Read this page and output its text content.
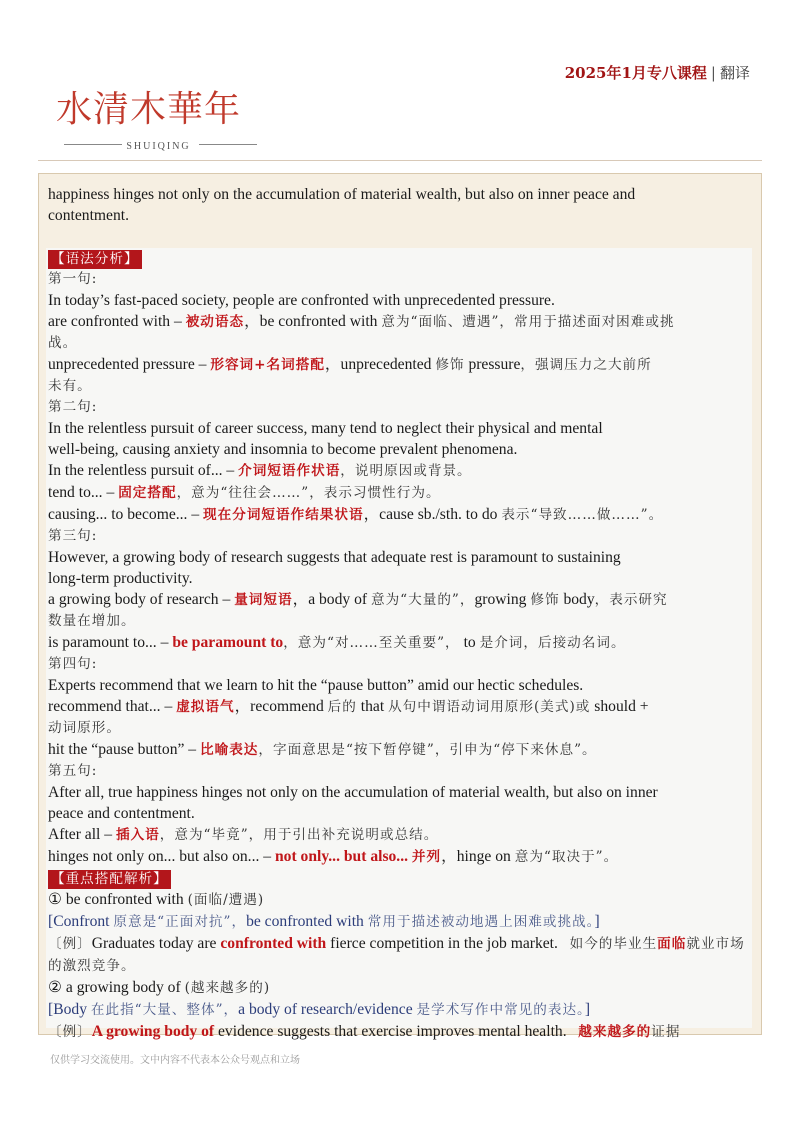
2025年1月专八课程 | 翻译
水清木華年
SHUIQING

happiness hinges not only on the accumulation of material wealth, but also on inner peace and

contentment.

【语法分析】

第一句:

In today’s fast-paced society, people are confronted with unprecedented pressure.

are confronted with – 被动语态，be confronted with 意为“面临、遭遇”，常用于描述面对困难或挑

战。

unprecedented pressure – 形容词+名词搭配，unprecedented 修饰 pressure，强调压力之大前所

未有。

第二句:

In the relentless pursuit of career success, many tend to neglect their physical and mental

well-being, causing anxiety and insomnia to become prevalent phenomena.

In the relentless pursuit of... – 介词短语作状语，说明原因或背景。

tend to... – 固定搭配，意为“往往会……”，表示习惯性行为。

causing... to become... – 现在分词短语作结果状语，cause sb./sth. to do 表示“导致……做……”。

第三句:

However, a growing body of research suggests that adequate rest is paramount to sustaining

long-term productivity.

a growing body of research – 量词短语，a body of 意为“大量的”，growing 修饰 body，表示研究

数量在增加。

is paramount to... – be paramount to，意为“对……至关重要”， to 是介词，后接动名词。

第四句:

Experts recommend that we learn to hit the “pause button” amid our hectic schedules.

recommend that... – 虚拟语气，recommend 后的 that 从句中谓语动词用原形(美式)或 should +

动词原形。

hit the “pause button” – 比喻表达，字面意思是“按下暂停键”，引申为“停下来休息”。

第五句:

After all, true happiness hinges not only on the accumulation of material wealth, but also on inner

peace and contentment.

After all – 插入语，意为“毕竟”，用于引出补充说明或总结。

hinges not only on... but also on... – not only... but also... 并列，hinge on 意为“取决于”。

【重点搭配解析】

① be confronted with (面临/遭遇)

[Confront 原意是“正面对抗”，be confronted with 常用于描述被动地遇上困难或挑战。]

〔例〕Graduates today are confronted with fierce competition in the job market. 如今的毕业生面临就业市场的激烈竞争。

② a growing body of (越来越多的)

[Body 在此指“大量、整体”，a body of research/evidence 是学术写作中常见的表达。]

〔例〕A growing body of evidence suggests that exercise improves mental health. 越来越多的证据

仅供学习交流使用。文中内容不代表本公众号观点和立场
